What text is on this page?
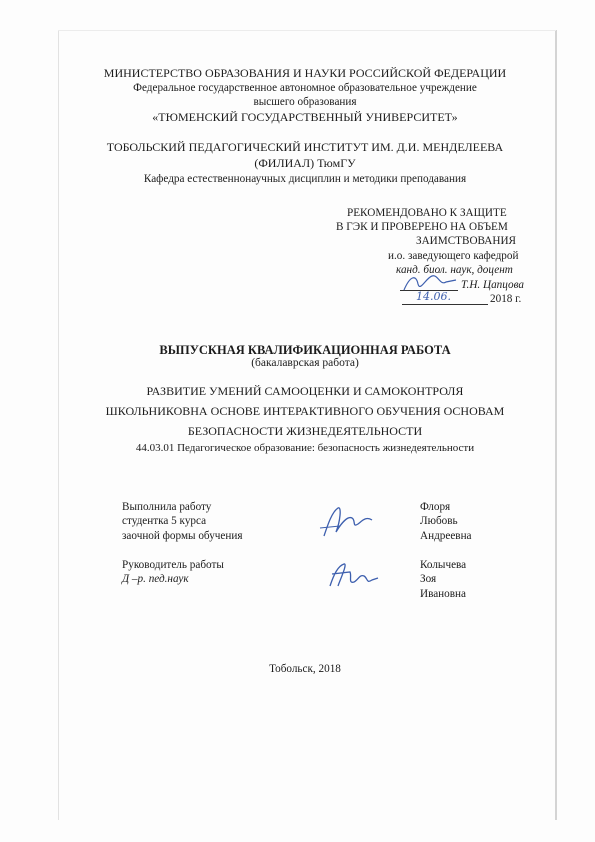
МИНИСТЕРСТВО ОБРАЗОВАНИЯ И НАУКИ РОССИЙСКОЙ ФЕДЕРАЦИИ
Федеральное государственное автономное образовательное учреждение
высшего образования
«ТЮМЕНСКИЙ ГОСУДАРСТВЕННЫЙ УНИВЕРСИТЕТ»
ТОБОЛЬСКИЙ ПЕДАГОГИЧЕСКИЙ ИНСТИТУТ ИМ. Д.И. МЕНДЕЛЕЕВА
(ФИЛИАЛ) ТюмГУ
Кафедра естественнонаучных дисциплин и методики преподавания
РЕКОМЕНДОВАНО К ЗАЩИТЕ
В ГЭК И ПРОВЕРЕНО НА ОБЪЕМ
ЗАИМСТВОВАНИЯ
и.о. заведующего кафедрой
канд. биол. наук, доцент
Т.Н. Цапцова
14.06.	2018 г.
ВЫПУСКНАЯ КВАЛИФИКАЦИОННАЯ РАБОТА
(бакалаврская работа)
РАЗВИТИЕ УМЕНИЙ САМООЦЕНКИ И САМОКОНТРОЛЯ
ШКОЛЬНИКОВНА ОСНОВЕ ИНТЕРАКТИВНОГО ОБУЧЕНИЯ ОСНОВАМ
БЕЗОПАСНОСТИ ЖИЗНЕДЕЯТЕЛЬНОСТИ
44.03.01 Педагогическое образование: безопасность жизнедеятельности
Выполнила работу
студентка 5 курса
заочной формы обучения
Флоря
Любовь
Андреевна
Руководитель работы
Д –р. пед.наук
Колычева
Зоя
Ивановна
Тобольск, 2018
